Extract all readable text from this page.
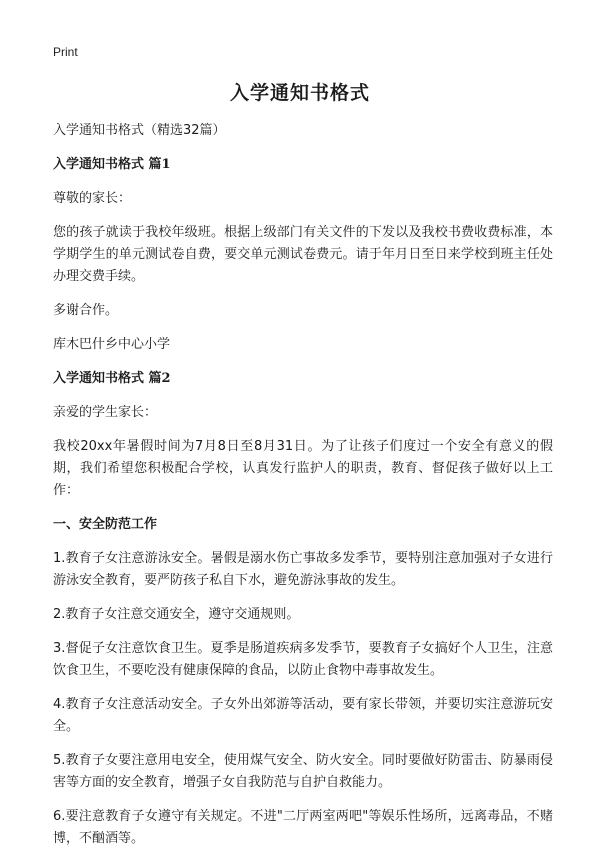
Print
入学通知书格式

入学通知书格式（精选32篇）

入学通知书格式 篇1

尊敬的家长：

您的孩子就读于我校年级班。根据上级部门有关文件的下发以及我校书费收费标准，本学期学生的单元测试卷自费，要交单元测试卷费元。请于年月日至日来学校到班主任处办理交费手续。

多谢合作。

库木巴什乡中心小学

入学通知书格式 篇2

亲爱的学生家长：

我校20xx年暑假时间为7月8日至8月31日。为了让孩子们度过一个安全有意义的假期，我们希望您积极配合学校，认真发行监护人的职责，教育、督促孩子做好以上工作：

一、安全防范工作

1.教育子女注意游泳安全。暑假是溺水伤亡事故多发季节，要特别注意加强对子女进行游泳安全教育，要严防孩子私自下水，避免游泳事故的发生。

2.教育子女注意交通安全，遵守交通规则。

3.督促子女注意饮食卫生。夏季是肠道疾病多发季节，要教育子女搞好个人卫生，注意饮食卫生，不要吃没有健康保障的食品，以防止食物中毒事故发生。

4.教育子女注意活动安全。子女外出郊游等活动，要有家长带领，并要切实注意游玩安全。

5.教育子女要注意用电安全，使用煤气安全、防火安全。同时要做好防雷击、防暴雨侵害等方面的安全教育，增强子女自我防范与自护自救能力。

6.要注意教育子女遵守有关规定。不进"二厅两室两吧"等娱乐性场所，远离毒品，不赌博，不酗酒等。
